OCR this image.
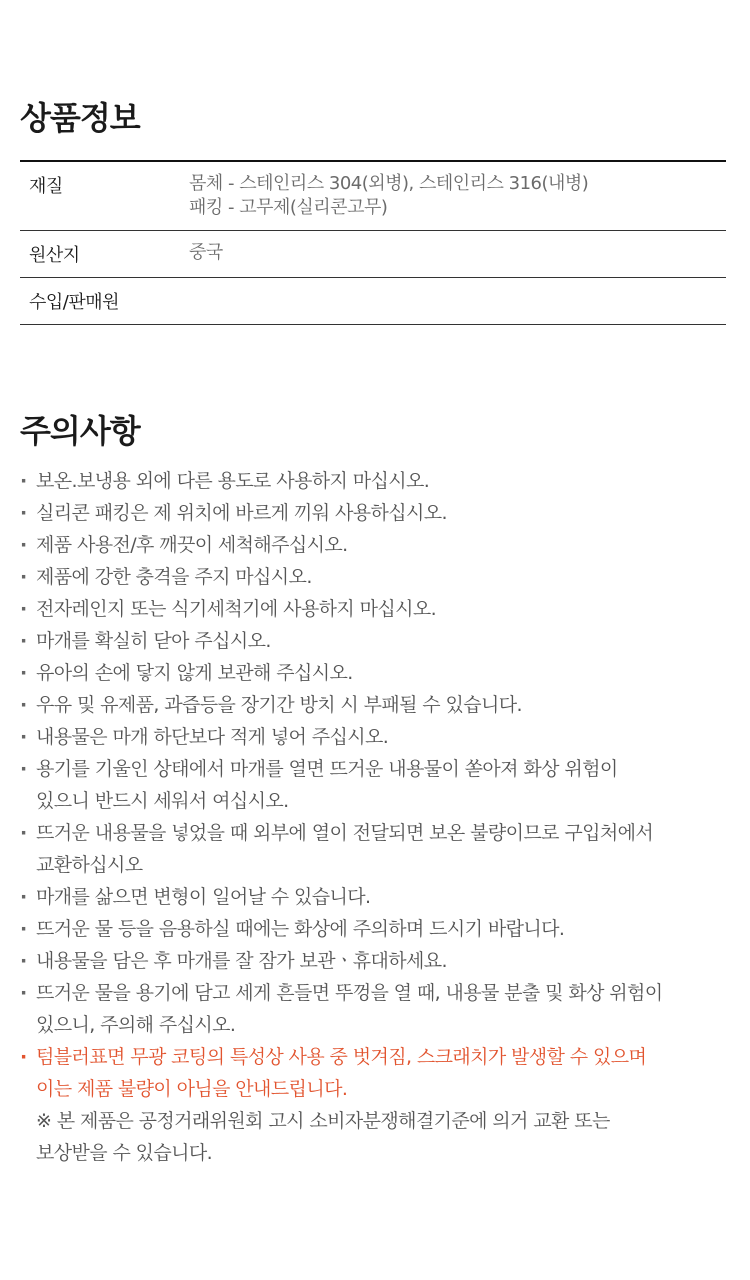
상품정보
재질	몸체 - 스테인리스 304(외병), 스테인리스 316(내병)
패킹 - 고무제(실리콘고무)

원산지	중국
수입/판매원	
주의사항
· 보온.보냉용 외에 다른 용도로 사용하지 마십시오.
· 실리콘 패킹은 제 위치에 바르게 끼워 사용하십시오.
· 제품 사용전/후 깨끗이 세척해주십시오.
· 제품에 강한 충격을 주지 마십시오.
· 전자레인지 또는 식기세척기에 사용하지 마십시오.
· 마개를 확실히 닫아 주십시오.
· 유아의 손에 닿지 않게 보관해 주십시오.
· 우유 및 유제품, 과즙등을 장기간 방치 시 부패될 수 있습니다.
· 내용물은 마개 하단보다 적게 넣어 주십시오.
· 용기를 기울인 상태에서 마개를 열면 뜨거운 내용물이 쏟아져 화상 위험이
있으니 반드시 세워서 여십시오.
· 뜨거운 내용물을 넣었을 때 외부에 열이 전달되면 보온 불량이므로 구입처에서
교환하십시오
· 마개를 삶으면 변형이 일어날 수 있습니다.
· 뜨거운 물 등을 음용하실 때에는 화상에 주의하며 드시기 바랍니다.
· 내용물을 담은 후 마개를 잘 잠가 보관ㆍ휴대하세요.
· 뜨거운 물을 용기에 담고 세게 흔들면 뚜껑을 열 때, 내용물 분출 및 화상 위험이
있으니, 주의해 주십시오.
· 텀블러표면 무광 코팅의 특성상 사용 중 벗겨짐, 스크래치가 발생할 수 있으며
이는 제품 불량이 아님을 안내드립니다.
※ 본 제품은 공정거래위원회 고시 소비자분쟁해결기준에 의거 교환 또는
보상받을 수 있습니다.
